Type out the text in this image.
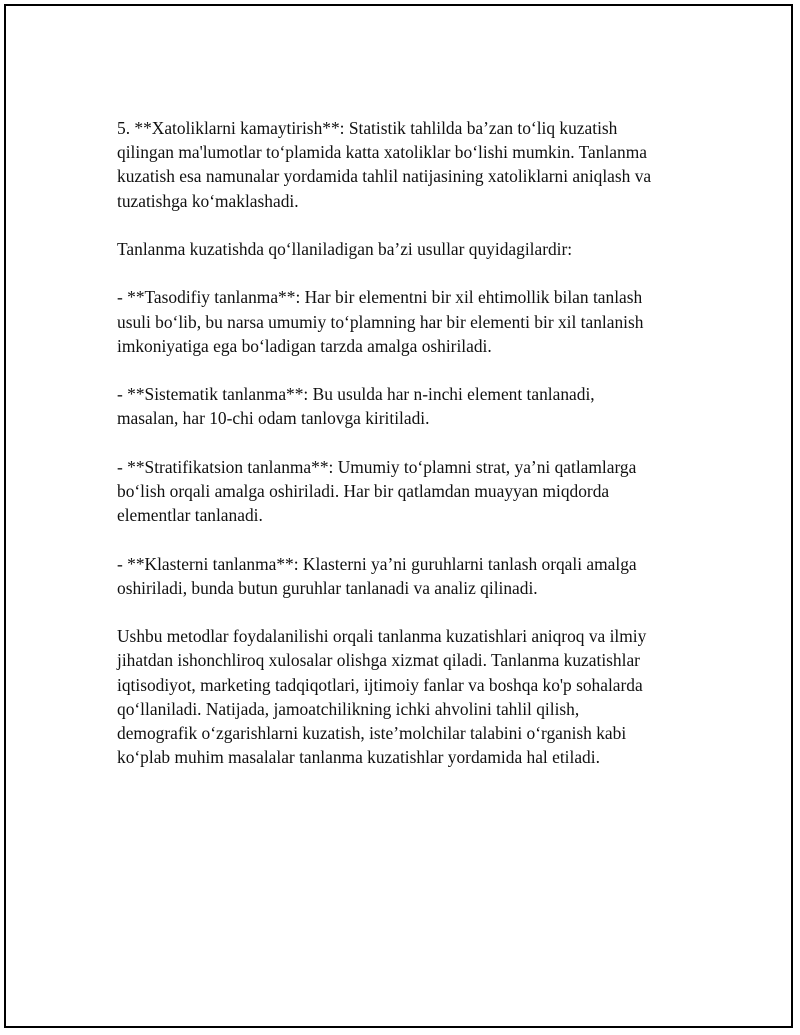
5. **Xatoliklarni kamaytirish**: Statistik tahlilda ba’zan to‘liq kuzatish
qilingan ma'lumotlar to‘plamida katta xatoliklar bo‘lishi mumkin. Tanlanma
kuzatish esa namunalar yordamida tahlil natijasining xatoliklarni aniqlash va
tuzatishga ko‘maklashadi.

Tanlanma kuzatishda qo‘llaniladigan ba’zi usullar quyidagilardir:

- **Tasodifiy tanlanma**: Har bir elementni bir xil ehtimollik bilan tanlash
usuli bo‘lib, bu narsa umumiy to‘plamning har bir elementi bir xil tanlanish
imkoniyatiga ega bo‘ladigan tarzda amalga oshiriladi.

- **Sistematik tanlanma**: Bu usulda har n-inchi element tanlanadi,
masalan, har 10-chi odam tanlovga kiritiladi.

- **Stratifikatsion tanlanma**: Umumiy to‘plamni strat, ya’ni qatlamlarga
bo‘lish orqali amalga oshiriladi. Har bir qatlamdan muayyan miqdorda
elementlar tanlanadi.

- **Klasterni tanlanma**: Klasterni ya’ni guruhlarni tanlash orqali amalga
oshiriladi, bunda butun guruhlar tanlanadi va analiz qilinadi.

Ushbu metodlar foydalanilishi orqali tanlanma kuzatishlari aniqroq va ilmiy
jihatdan ishonchliroq xulosalar olishga xizmat qiladi. Tanlanma kuzatishlar
iqtisodiyot, marketing tadqiqotlari, ijtimoiy fanlar va boshqa ko'p sohalarda
qo‘llaniladi. Natijada, jamoatchilikning ichki ahvolini tahlil qilish,
demografik o‘zgarishlarni kuzatish, iste’molchilar talabini o‘rganish kabi
ko‘plab muhim masalalar tanlanma kuzatishlar yordamida hal etiladi.
